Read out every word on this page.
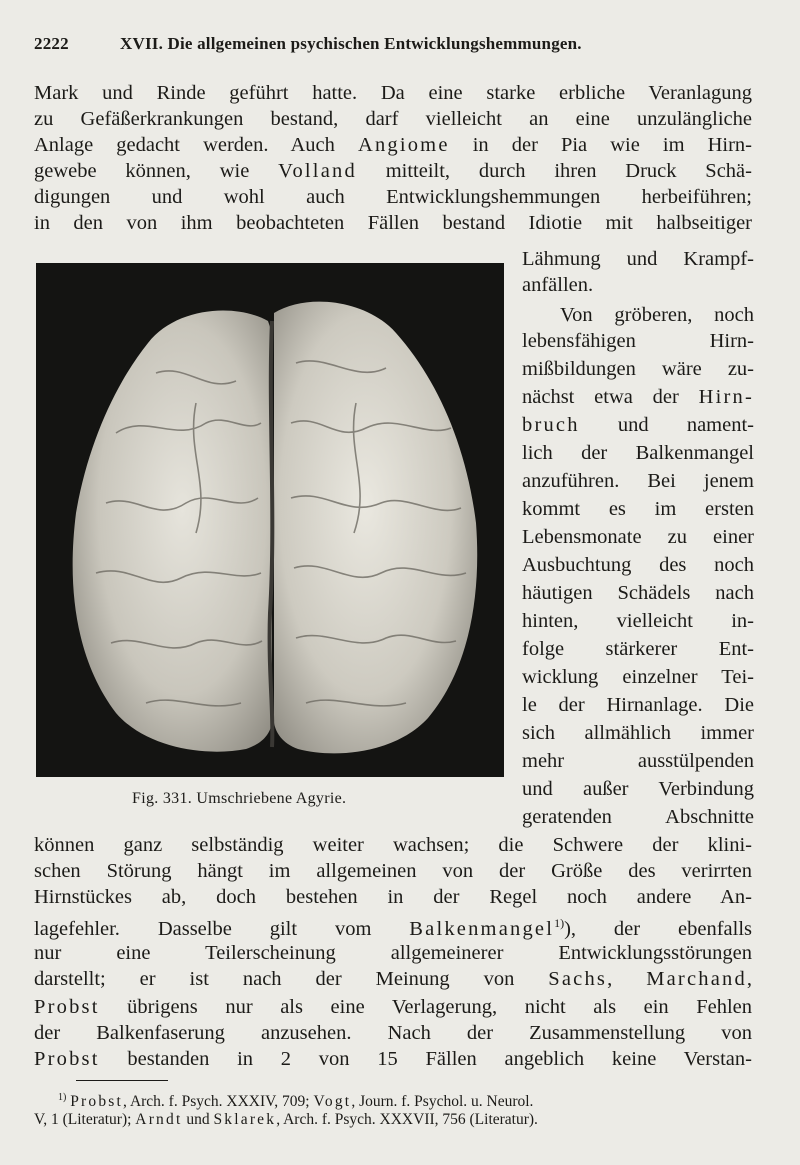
2222	XVII. Die allgemeinen psychischen Entwicklungshemmungen.
Mark und Rinde geführt hatte. Da eine starke erbliche Veranlagung
zu Gefäßerkrankungen bestand, darf vielleicht an eine unzulängliche
Anlage gedacht werden. Auch Angiome in der Pia wie im Hirn-
gewebe können, wie Volland mitteilt, durch ihren Druck Schä-
digungen und wohl auch Entwicklungshemmungen herbeiführen;
in den von ihm beobachteten Fällen bestand Idiotie mit halbseitiger
Fig. 331. Umschriebene Agyrie.
Lähmung und Krampf-
anfällen.
Von gröberen, noch
lebensfähigen Hirn-
mißbildungen wäre zu-
nächst etwa der Hirn-
bruch und nament-
lich der Balkenmangel
anzuführen. Bei jenem
kommt es im ersten
Lebensmonate zu einer
Ausbuchtung des noch
häutigen Schädels nach
hinten, vielleicht in-
folge stärkerer Ent-
wicklung einzelner Tei-
le der Hirnanlage. Die
sich allmählich immer
mehr ausstülpenden
und außer Verbindung
geratenden Abschnitte
können ganz selbständig weiter wachsen; die Schwere der klini-
schen Störung hängt im allgemeinen von der Größe des verirrten
Hirnstückes ab, doch bestehen in der Regel noch andere An-
lagefehler. Dasselbe gilt vom Balkenmangel$^{1)}$), der ebenfalls
nur eine Teilerscheinung allgemeinerer Entwicklungsstörungen
darstellt; er ist nach der Meinung von Sachs, Marchand,
Probst übrigens nur als eine Verlagerung, nicht als ein Fehlen
der Balkenfaserung anzusehen. Nach der Zusammenstellung von
Probst bestanden in 2 von 15 Fällen angeblich keine Verstan-
$^{1)}$ Probst, Arch. f. Psych. XXXIV, 709; Vogt, Journ. f. Psychol. u. Neurol.
V, 1 (Literatur); Arndt und Sklarek, Arch. f. Psych. XXXVII, 756 (Literatur).
